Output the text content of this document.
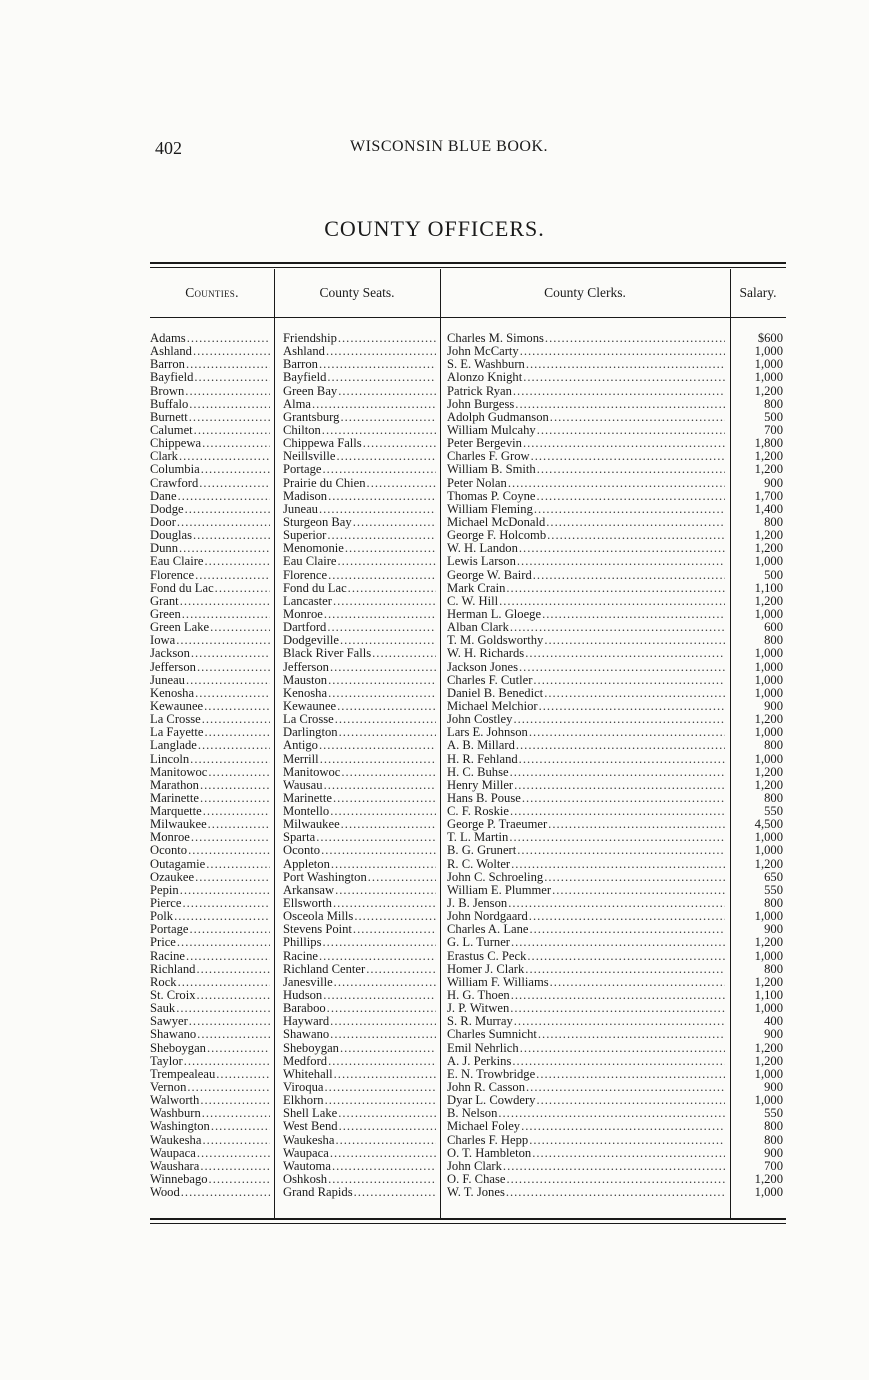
402	WISCONSIN BLUE BOOK.
COUNTY OFFICERS.
Counties.	County Seats.	County Clerks.	Salary.
Adams .....	Friendship .....	Charles M. Simons .....	$600
Ashland .....	Ashland .....	John McCarty .....	1,000
Barron .....	Barron .....	S. E. Washburn .....	1,000
Bayfield .....	Bayfield .....	Alonzo Knight .....	1,000
Brown .....	Green Bay .....	Patrick Ryan .....	1,200
Buffalo .....	Alma .....	John Burgess .....	800
Burnett .....	Grantsburg .....	Adolph Gudmanson .....	500
Calumet .....	Chilton .....	William Mulcahy .....	700
Chippewa .....	Chippewa Falls .....	Peter Bergevin .....	1,800
Clark .....	Neillsville .....	Charles F. Grow .....	1,200
Columbia .....	Portage .....	William B. Smith .....	1,200
Crawford .....	Prairie du Chien .....	Peter Nolan .....	900
Dane .....	Madison .....	Thomas P. Coyne .....	1,700
Dodge .....	Juneau .....	William Fleming .....	1,400
Door .....	Sturgeon Bay .....	Michael McDonald .....	800
Douglas .....	Superior .....	George F. Holcomb .....	1,200
Dunn .....	Menomonie .....	W. H. Landon .....	1,200
Eau Claire .....	Eau Claire .....	Lewis Larson .....	1,000
Florence .....	Florence .....	George W. Baird .....	500
Fond du Lac .....	Fond du Lac .....	Mark Crain .....	1,100
Grant .....	Lancaster .....	C. W. Hill .....	1,200
Green .....	Monroe .....	Herman L. Gloege .....	1,000
Green Lake .....	Dartford .....	Alban Clark .....	600
Iowa .....	Dodgeville .....	T. M. Goldsworthy .....	800
Jackson .....	Black River Falls .....	W. H. Richards .....	1,000
Jefferson .....	Jefferson .....	Jackson Jones .....	1,000
Juneau .....	Mauston .....	Charles F. Cutler .....	1,000
Kenosha .....	Kenosha .....	Daniel B. Benedict .....	1,000
Kewaunee .....	Kewaunee .....	Michael Melchior .....	900
La Crosse .....	La Crosse .....	John Costley .....	1,200
La Fayette .....	Darlington .....	Lars E. Johnson .....	1,000
Langlade .....	Antigo .....	A. B. Millard .....	800
Lincoln .....	Merrill .....	H. R. Fehland .....	1,000
Manitowoc .....	Manitowoc .....	H. C. Buhse .....	1,200
Marathon .....	Wausau .....	Henry Miller .....	1,200
Marinette .....	Marinette .....	Hans B. Pouse .....	800
Marquette .....	Montello .....	C. F. Roskie .....	550
Milwaukee .....	Milwaukee .....	George P. Traeumer .....	4,500
Monroe .....	Sparta .....	T. L. Martin .....	1,000
Oconto .....	Oconto .....	B. G. Grunert .....	1,000
Outagamie .....	Appleton .....	R. C. Wolter .....	1,200
Ozaukee .....	Port Washington .....	John C. Schroeling .....	650
Pepin .....	Arkansaw .....	William E. Plummer .....	550
Pierce .....	Ellsworth .....	J. B. Jenson .....	800
Polk .....	Osceola Mills .....	John Nordgaard .....	1,000
Portage .....	Stevens Point .....	Charles A. Lane .....	900
Price .....	Phillips .....	G. L. Turner .....	1,200
Racine .....	Racine .....	Erastus C. Peck .....	1,000
Richland .....	Richland Center .....	Homer J. Clark .....	800
Rock .....	Janesville .....	William F. Williams .....	1,200
St. Croix .....	Hudson .....	H. G. Thoen .....	1,100
Sauk .....	Baraboo .....	J. P. Witwen .....	1,000
Sawyer .....	Hayward .....	S. R. Murray .....	400
Shawano .....	Shawano .....	Charles Sumnicht .....	900
Sheboygan .....	Sheboygan .....	Emil Nehrlich .....	1,200
Taylor .....	Medford .....	A. J. Perkins .....	1,200
Trempealeau .....	Whitehall .....	E. N. Trowbridge .....	1,000
Vernon .....	Viroqua .....	John R. Casson .....	900
Walworth .....	Elkhorn .....	Dyar L. Cowdery .....	1,000
Washburn .....	Shell Lake .....	B. Nelson .....	550
Washington .....	West Bend .....	Michael Foley .....	800
Waukesha .....	Waukesha .....	Charles F. Hepp .....	800
Waupaca .....	Waupaca .....	O. T. Hambleton .....	900
Waushara .....	Wautoma .....	John Clark .....	700
Winnebago .....	Oshkosh .....	O. F. Chase .....	1,200
Wood .....	Grand Rapids .....	W. T. Jones .....	1,000
